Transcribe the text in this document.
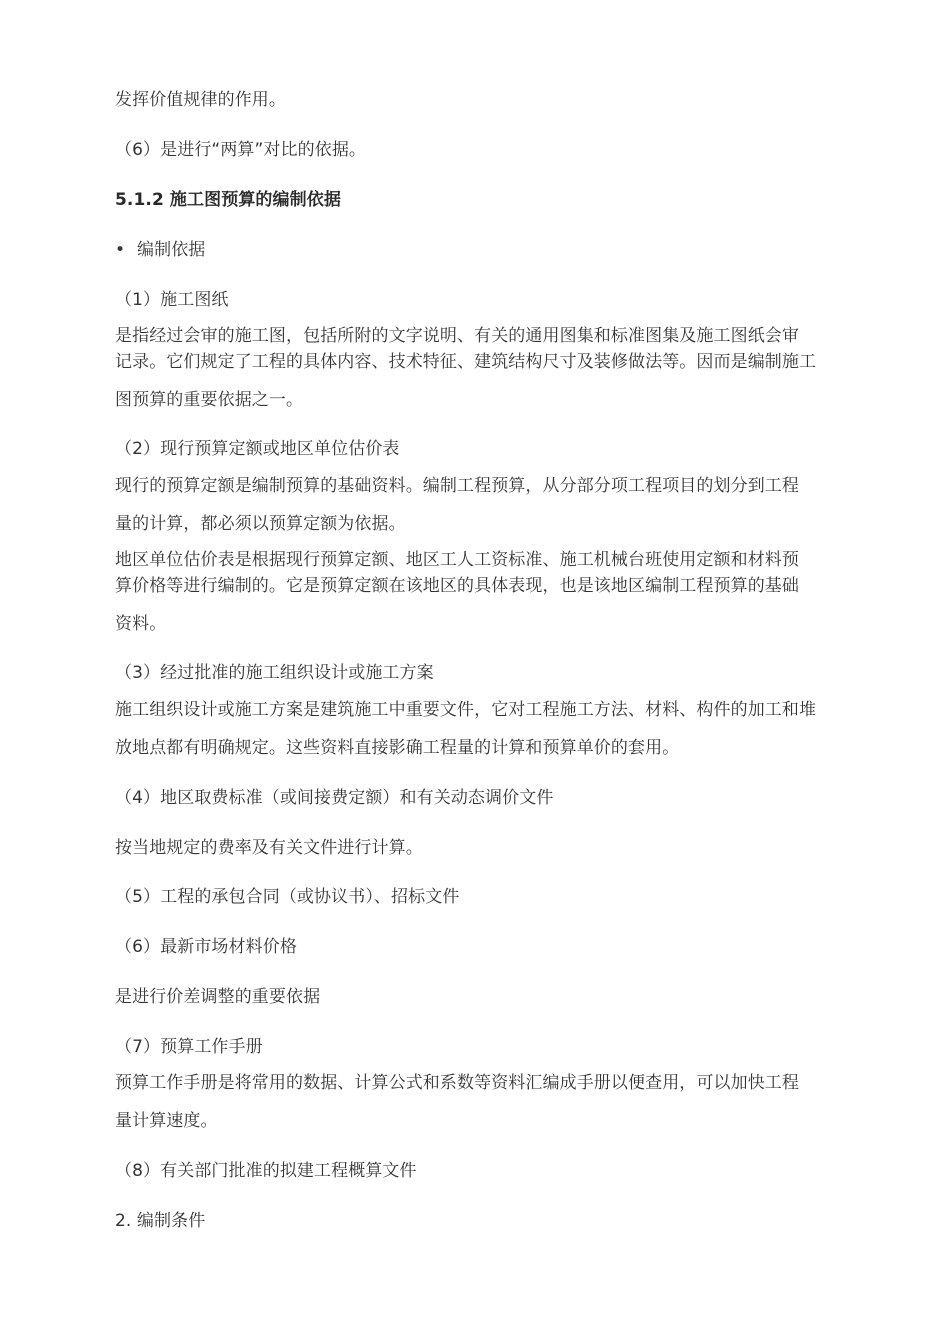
发挥价值规律的作用。
（6）是进行“两算”对比的依据。
5.1.2 施工图预算的编制依据
• 编制依据
（1）施工图纸
是指经过会审的施工图，包括所附的文字说明、有关的通用图集和标准图集及施工图纸会审
记录。它们规定了工程的具体内容、技术特征、建筑结构尺寸及装修做法等。因而是编制施工
图预算的重要依据之一。
（2）现行预算定额或地区单位估价表
现行的预算定额是编制预算的基础资料。编制工程预算，从分部分项工程项目的划分到工程
量的计算，都必须以预算定额为依据。
地区单位估价表是根据现行预算定额、地区工人工资标准、施工机械台班使用定额和材料预
算价格等进行编制的。它是预算定额在该地区的具体表现，也是该地区编制工程预算的基础
资料。
（3）经过批准的施工组织设计或施工方案
施工组织设计或施工方案是建筑施工中重要文件，它对工程施工方法、材料、构件的加工和堆
放地点都有明确规定。这些资料直接影确工程量的计算和预算单价的套用。
（4）地区取费标准（或间接费定额）和有关动态调价文件
按当地规定的费率及有关文件进行计算。
（5）工程的承包合同（或协议书）、招标文件
（6）最新市场材料价格
是进行价差调整的重要依据
（7）预算工作手册
预算工作手册是将常用的数据、计算公式和系数等资料汇编成手册以便查用，可以加快工程
量计算速度。
（8）有关部门批准的拟建工程概算文件
2. 编制条件
